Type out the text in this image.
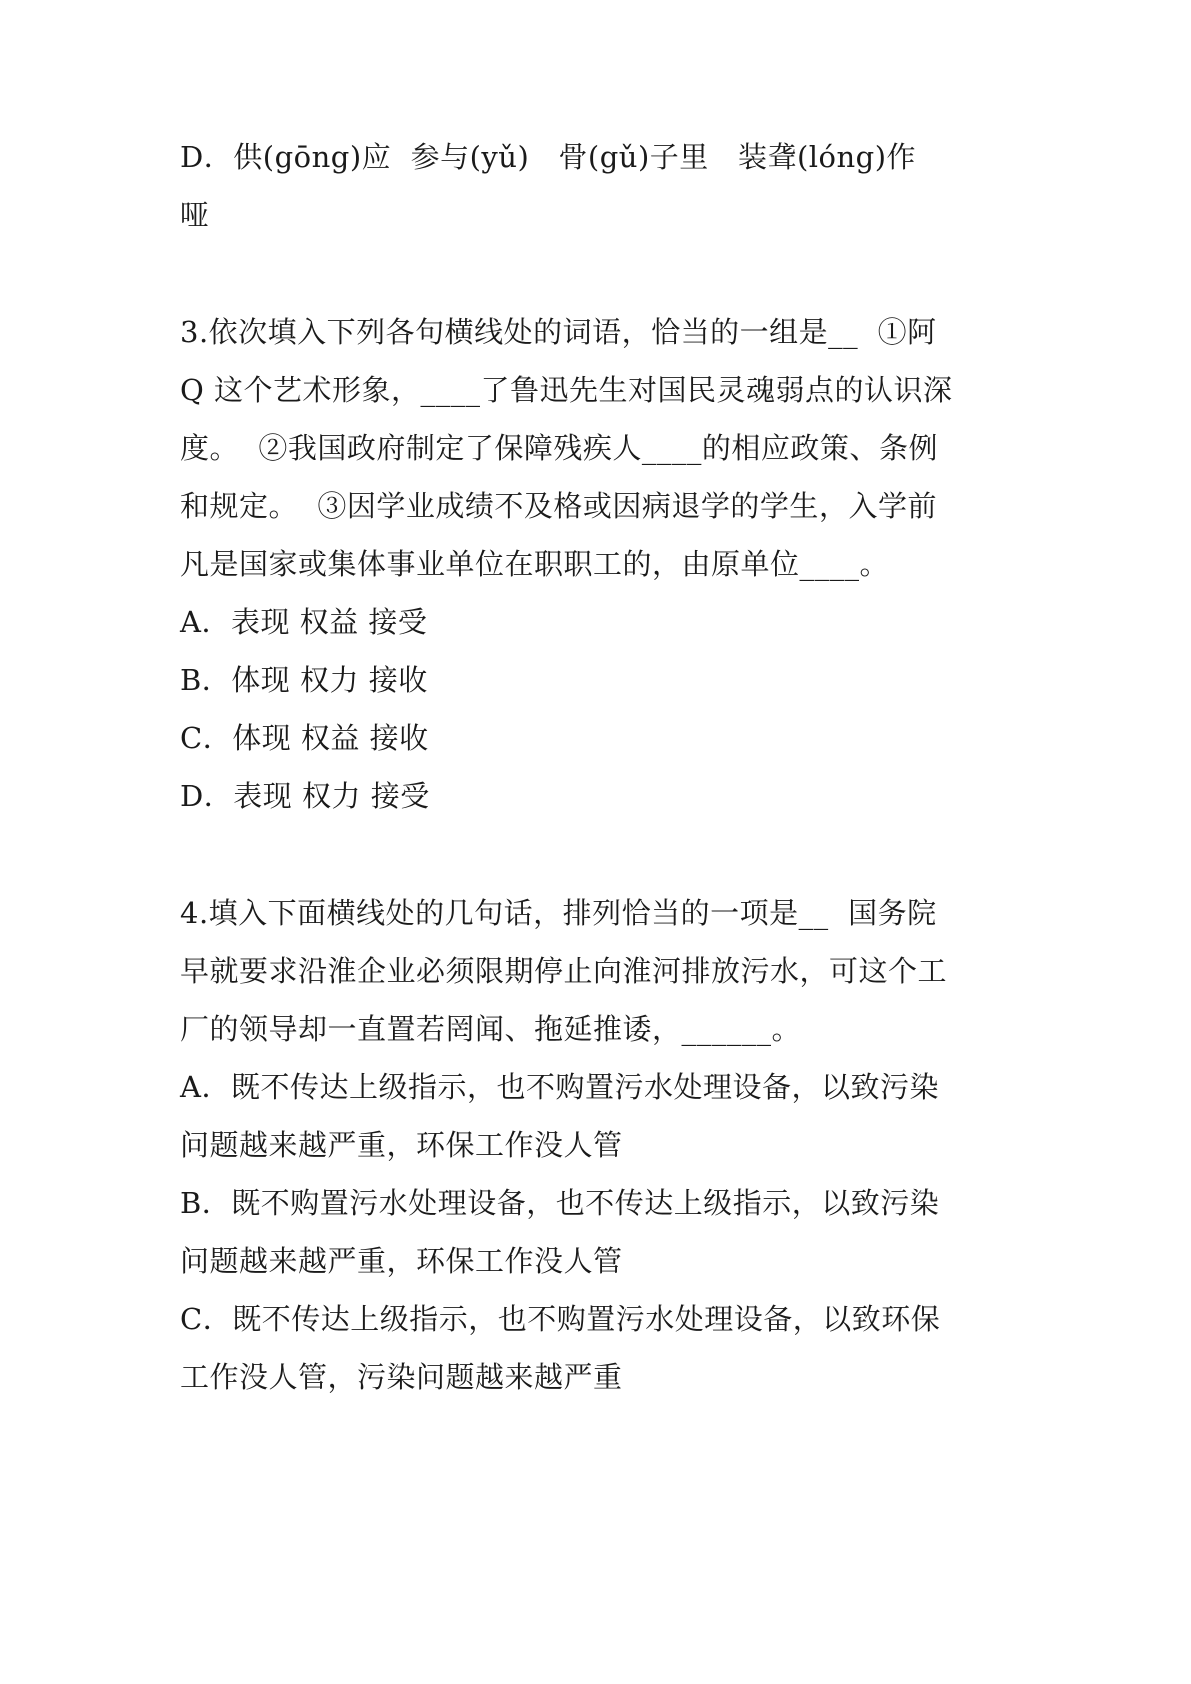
D．供(gōng)应  参与(yǔ)   骨(gǔ)子里   装聋(lóng)作
哑
3.依次填入下列各句横线处的词语，恰当的一组是__  ①阿
Q 这个艺术形象，____了鲁迅先生对国民灵魂弱点的认识深
度。  ②我国政府制定了保障残疾人____的相应政策、条例
和规定。  ③因学业成绩不及格或因病退学的学生，入学前
凡是国家或集体事业单位在职职工的，由原单位____。
A．表现 权益 接受
B．体现 权力 接收
C．体现 权益 接收
D．表现 权力 接受
4.填入下面横线处的几句话，排列恰当的一项是__  国务院
早就要求沿淮企业必须限期停止向淮河排放污水，可这个工
厂的领导却一直置若罔闻、拖延推诿，______。
A．既不传达上级指示，也不购置污水处理设备，以致污染
问题越来越严重，环保工作没人管
B．既不购置污水处理设备，也不传达上级指示，以致污染
问题越来越严重，环保工作没人管
C．既不传达上级指示，也不购置污水处理设备，以致环保
工作没人管，污染问题越来越严重
